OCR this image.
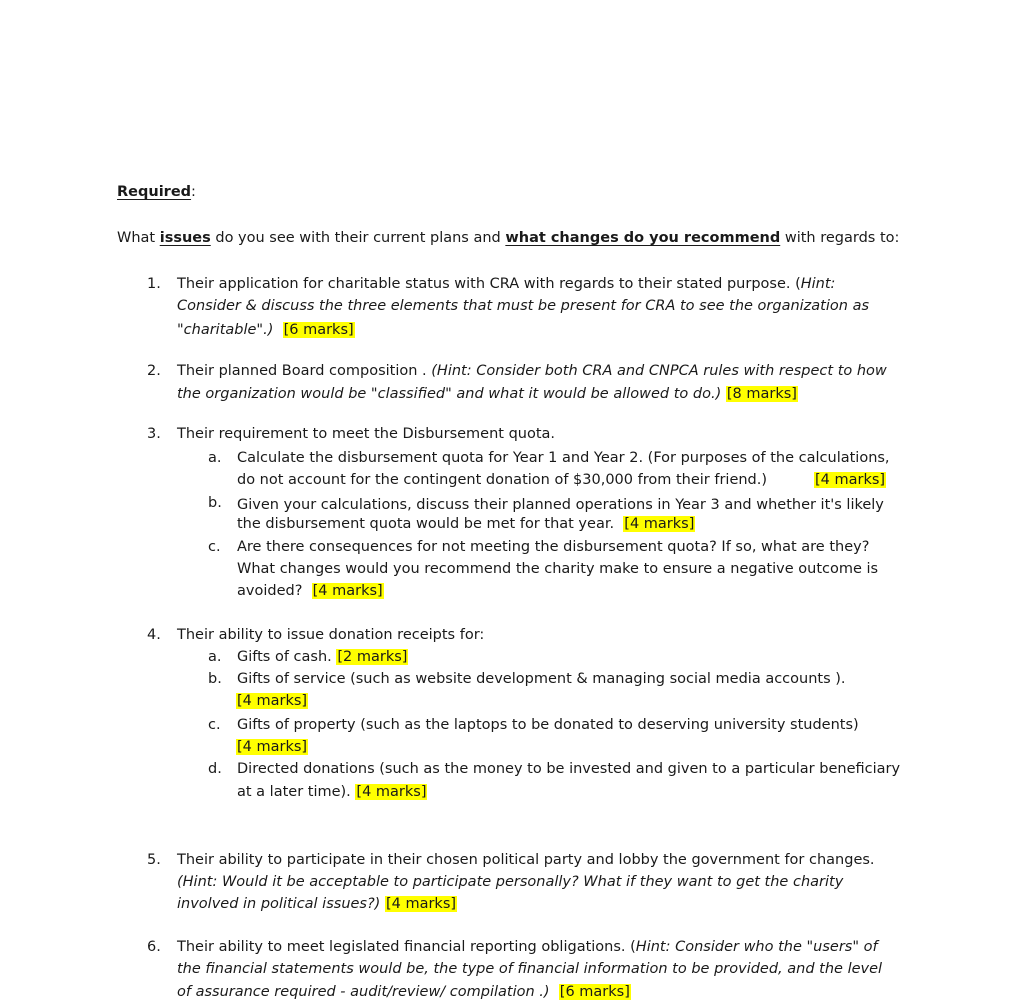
Required:
What issues do you see with their current plans and what changes do you recommend with regards to:
1. Their application for charitable status with CRA with regards to their stated purpose. (Hint:
Consider & discuss the three elements that must be present for CRA to see the organization as
"charitable".) [6 marks]
2. Their planned Board composition . (Hint: Consider both CRA and CNPCA rules with respect to how
the organization would be "classified" and what it would be allowed to do.) [8 marks]
3. Their requirement to meet the Disbursement quota.
a. Calculate the disbursement quota for Year 1 and Year 2. (For purposes of the calculations,
do not account for the contingent donation of $30,000 from their friend.)	[4 marks]
b. Given your calculations, discuss their planned operations in Year 3 and whether it's likely
the disbursement quota would be met for that year. [4 marks]
c. Are there consequences for not meeting the disbursement quota? If so, what are they?
What changes would you recommend the charity make to ensure a negative outcome is
avoided? [4 marks]
4. Their ability to issue donation receipts for:
a. Gifts of cash. [2 marks]
b. Gifts of service (such as website development & managing social media accounts ).
[4 marks]
c. Gifts of property (such as the laptops to be donated to deserving university students)
[4 marks]
d. Directed donations (such as the money to be invested and given to a particular beneficiary
at a later time). [4 marks]
5. Their ability to participate in their chosen political party and lobby the government for changes.
(Hint: Would it be acceptable to participate personally? What if they want to get the charity
involved in political issues?) [4 marks]
6. Their ability to meet legislated financial reporting obligations. (Hint: Consider who the "users" of
the financial statements would be, the type of financial information to be provided, and the level
of assurance required - audit/review/ compilation .) [6 marks]
